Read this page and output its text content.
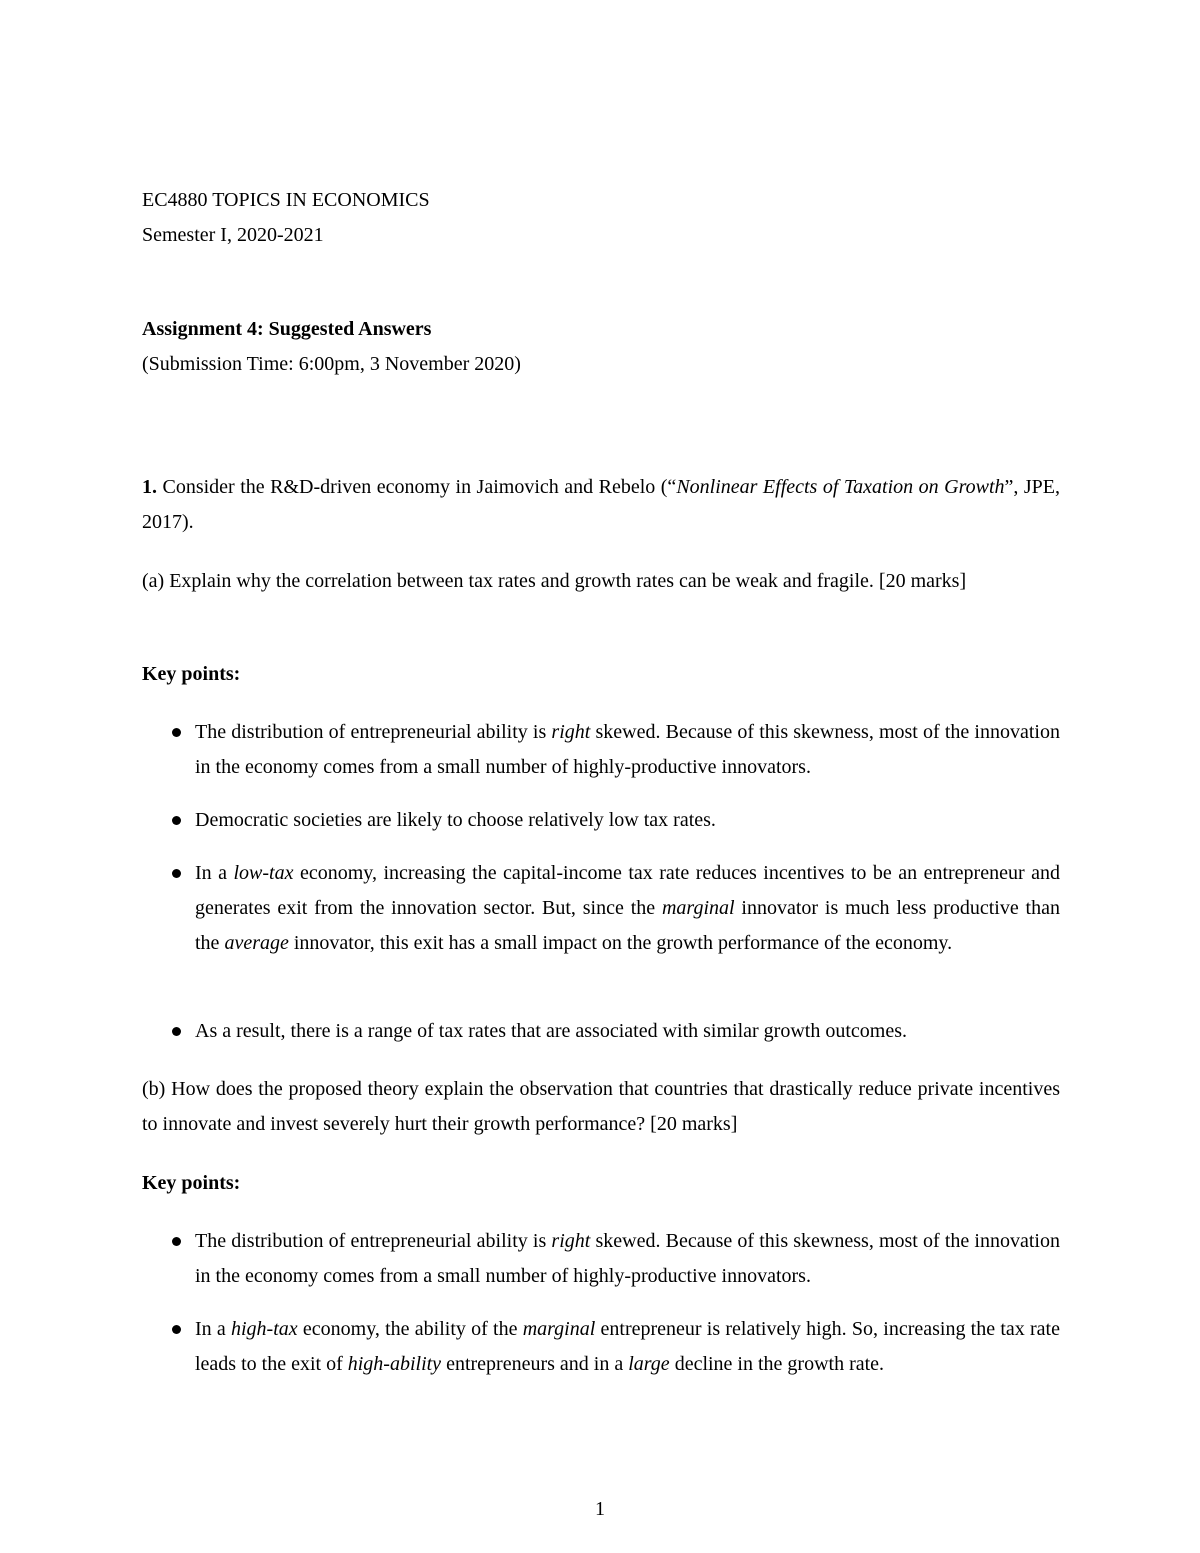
EC4880 TOPICS IN ECONOMICS

Semester I, 2020-2021

Assignment 4: Suggested Answers

(Submission Time: 6:00pm, 3 November 2020)

1. Consider the R&D-driven economy in Jaimovich and Rebelo (“Nonlinear Effects of Taxation on Growth”, JPE, 2017).

(a) Explain why the correlation between tax rates and growth rates can be weak and fragile. [20 marks]

Key points:

The distribution of entrepreneurial ability is right skewed. Because of this skewness, most of the innovation in the economy comes from a small number of highly-productive innovators.
Democratic societies are likely to choose relatively low tax rates.
In a low-tax economy, increasing the capital-income tax rate reduces incentives to be an entrepreneur and generates exit from the innovation sector. But, since the marginal innovator is much less productive than the average innovator, this exit has a small impact on the growth performance of the economy.
As a result, there is a range of tax rates that are associated with similar growth outcomes.

(b) How does the proposed theory explain the observation that countries that drastically reduce private incentives to innovate and invest severely hurt their growth performance? [20 marks]

Key points:

The distribution of entrepreneurial ability is right skewed. Because of this skewness, most of the innovation in the economy comes from a small number of highly-productive innovators.
In a high-tax economy, the ability of the marginal entrepreneur is relatively high. So, increasing the tax rate leads to the exit of high-ability entrepreneurs and in a large decline in the growth rate.
1
